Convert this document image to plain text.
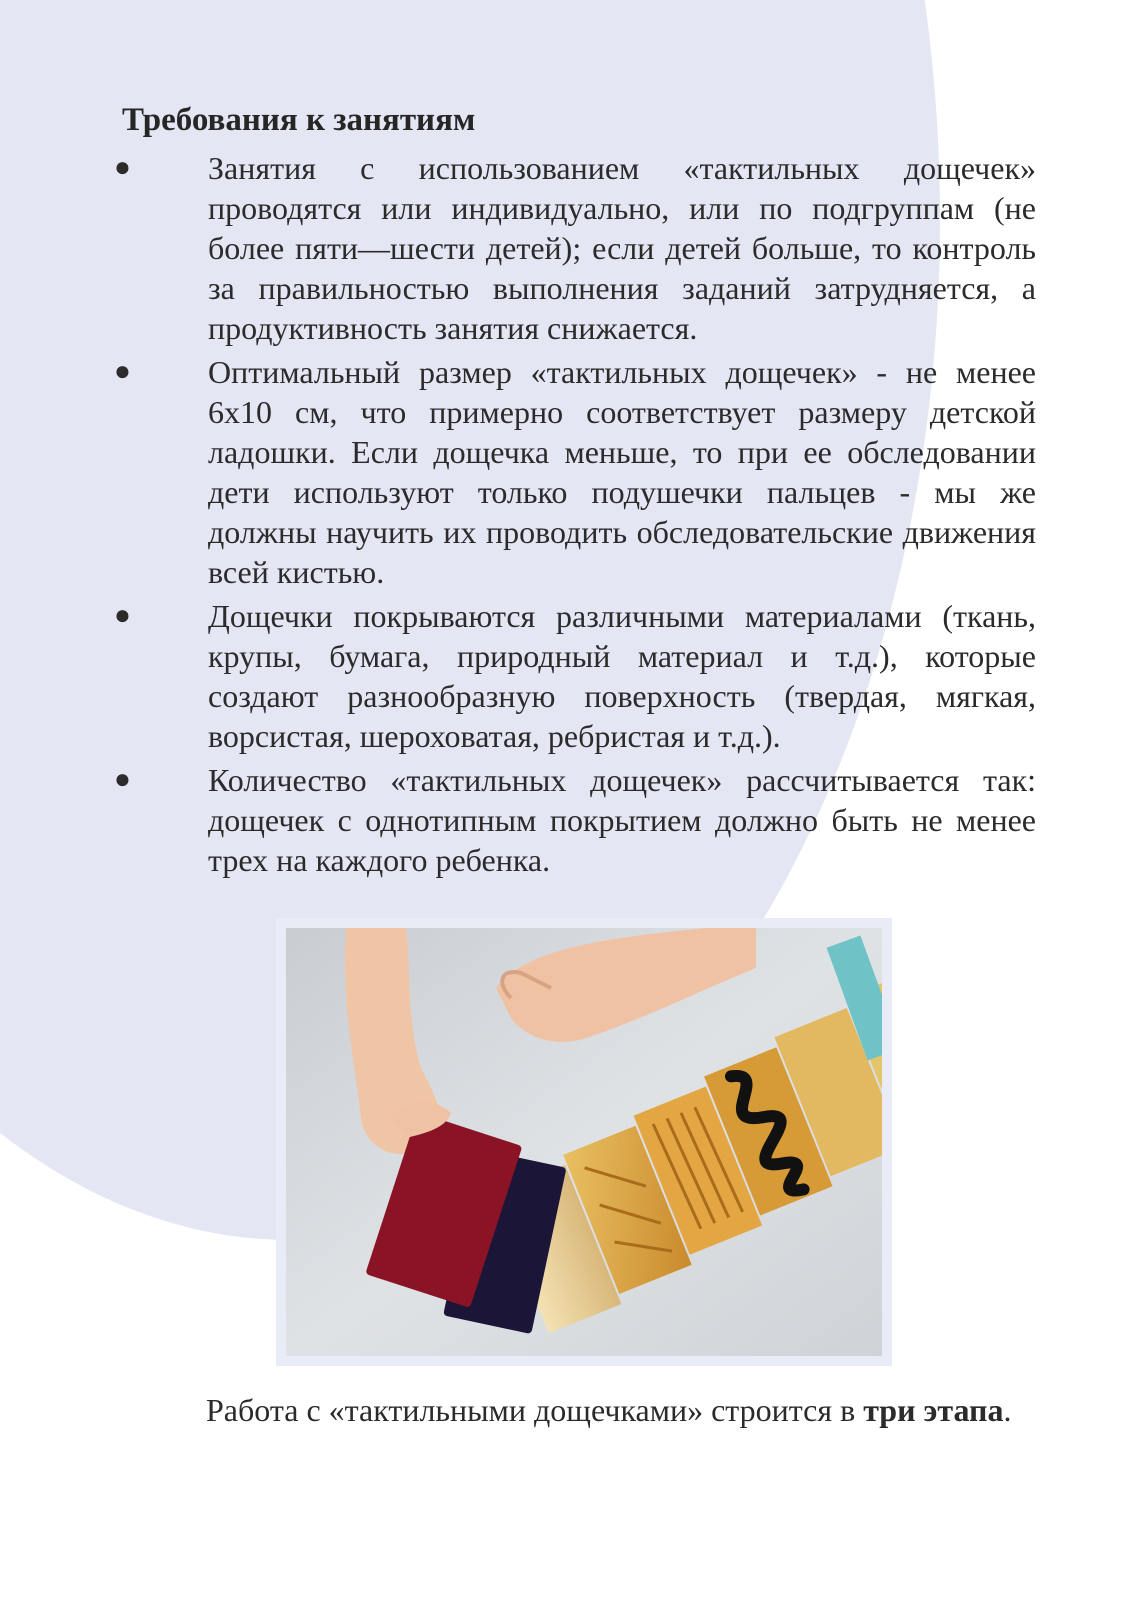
Требования к занятиям
● Занятия с использованием «тактильных дощечек» проводятся или индивидуально, или по подгруппам (не более пяти—шести детей); если детей больше, то контроль за правильностью выполнения заданий затрудняется, а продуктивность занятия снижается.
● Оптимальный размер «тактильных дощечек» - не менее 6х10 см, что примерно соответствует размеру детской ладошки. Если дощечка меньше, то при ее обследовании дети используют только подушечки пальцев - мы же должны научить их проводить обследовательские движения всей кистью.
● Дощечки покрываются различными материалами (ткань, крупы, бумага, природный материал и т.д.), которые создают разнообразную поверхность (твердая, мягкая, ворсистая, шероховатая, ребристая и т.д.).
● Количество «тактильных дощечек» рассчитывается так: дощечек с однотипным покрытием должно быть не менее трех на каждого ребенка.

Работа с «тактильными дощечками» строится в три этапа.
